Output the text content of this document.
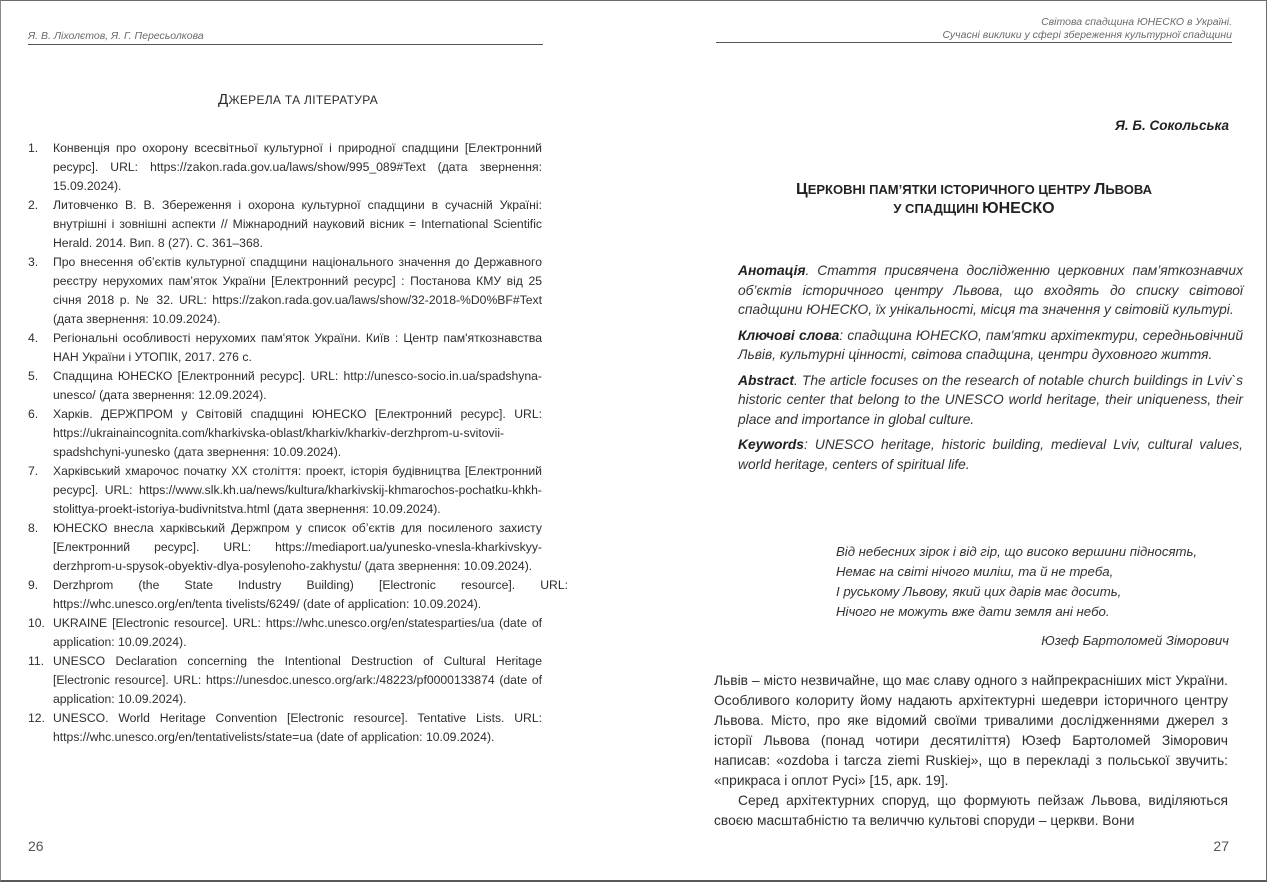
Я. В. Ліхолєтов, Я. Г. Пересьолкова
ДЖЕРЕЛА ТА ЛІТЕРАТУРА
1. Конвенція про охорону всесвітньої культурної і природної спадщини [Електронний ресурс]. URL: https://zakon.rada.gov.ua/laws/show/995_089#Text (дата звернення: 15.09.2024).
2. Литовченко В. В. Збереження і охорона культурної спадщини в сучасній Україні: внутрішні і зовнішні аспекти // Міжнародний науковий вісник = International Scientific Herald. 2014. Вип. 8 (27). С. 361–368.
3. Про внесення об’єктів культурної спадщини національного значення до Державного реєстру нерухомих пам’яток України [Електронний ресурс] : Постанова КМУ від 25 січня 2018 р. № 32. URL: https://zakon.rada.gov.ua/laws/show/32-2018-%D0%BF#Text (дата звернення: 10.09.2024).
4. Регіональні особливості нерухомих пам'яток України. Київ : Центр пам'яткознавства НАН України і УТОПІК, 2017. 276 с.
5. Спадщина ЮНЕСКО [Електронний ресурс]. URL: http://unesco-socio.in.ua/spadshyna-unesco/ (дата звернення: 12.09.2024).
6. Харків. ДЕРЖПРОМ у Світовій спадщині ЮНЕСКО [Електронний ресурс]. URL: https://ukrainaincognita.com/kharkivska-oblast/kharkiv/kharkiv-derzhprom-u-svitovii-spadshchyni-yunesko (дата звернення: 10.09.2024).
7. Харківський хмарочос початку XX століття: проект, історія будівництва [Електронний ресурс]. URL: https://www.slk.kh.ua/news/kultura/kharkivskij-khmarochos-pochatku-khkh-stolittya-proekt-istoriya-budivnitstva.html (дата звернення: 10.09.2024).
8. ЮНЕСКО внесла харківський Держпром у список об’єктів для посиленого захисту [Електронний ресурс]. URL: https://mediaport.ua/yunesko-vnesla-kharkivskyy-derzhprom-u-spysok-obyektiv-dlya-posylenoho-zakhystu/ (дата звернення: 10.09.2024).
9. Derzhprom (the State Industry Building) [Electronic resource]. URL: https://whc.unesco.org/en/tenta tivelists/6249/ (date of application: 10.09.2024).
10. UKRAINE [Electronic resource]. URL: https://whc.unesco.org/en/statesparties/ua (date of application: 10.09.2024).
11. UNESCO Declaration concerning the Intentional Destruction of Cultural Heritage [Electronic resource]. URL: https://unesdoc.unesco.org/ark:/48223/pf0000133874 (date of application: 10.09.2024).
12. UNESCO. World Heritage Convention [Electronic resource]. Tentative Lists. URL: https://whc.unesco.org/en/tentativelists/state=ua (date of application: 10.09.2024).
26
Світова спадщина ЮНЕСКО в Україні.
Сучасні виклики у сфері збереження культурної спадщини
Я. Б. Сокольська
ЦЕРКОВНІ ПАМ’ЯТКИ ІСТОРИЧНОГО ЦЕНТРУ ЛЬВОВА
У СПАДЩИНІ ЮНЕСКО

Анотація. Стаття присвячена дослідженню церковних пам’яткознавчих об’єктів історичного центру Львова, що входять до списку світової спадщини ЮНЕСКО, їх унікальності, місця та значення у світовій культурі.

Ключові слова: спадщина ЮНЕСКО, пам'ятки архітектури, середньовічний Львів, культурні цінності, світова спадщина, центри духовного життя.

Abstract. The article focuses on the research of notable church buildings in Lviv`s historic center that belong to the UNESCO world heritage, their uniqueness, their place and importance in global culture.

Keywords: UNESCO heritage, historic building, medieval Lviv, cultural values, world heritage, centers of spiritual life.

Від небесних зірок і від гір, що високо вершини підносять,
Немає на світі нічого миліш, та й не треба,
І руському Львову, який цих дарів має досить,
Нічого не можуть вже дати земля ані небо.
Юзеф Бартоломей Зіморович

Львів – місто незвичайне, що має славу одного з найпрекрасніших міст України. Особливого колориту йому надають архітектурні шедеври історичного центру Львова. Місто, про яке відомий своїми тривалими дослідженнями джерел з історії Львова (понад чотири десятиліття) Юзеф Бартоломей Зіморович написав: «ozdoba i tarcza ziemi Ruskiej», що в перекладі з польської звучить: «прикраса і оплот Русі» [15, арк. 19].

Серед архітектурних споруд, що формують пейзаж Львова, виділяються своєю масштабністю та величчю культові споруди – церкви. Вони

27
